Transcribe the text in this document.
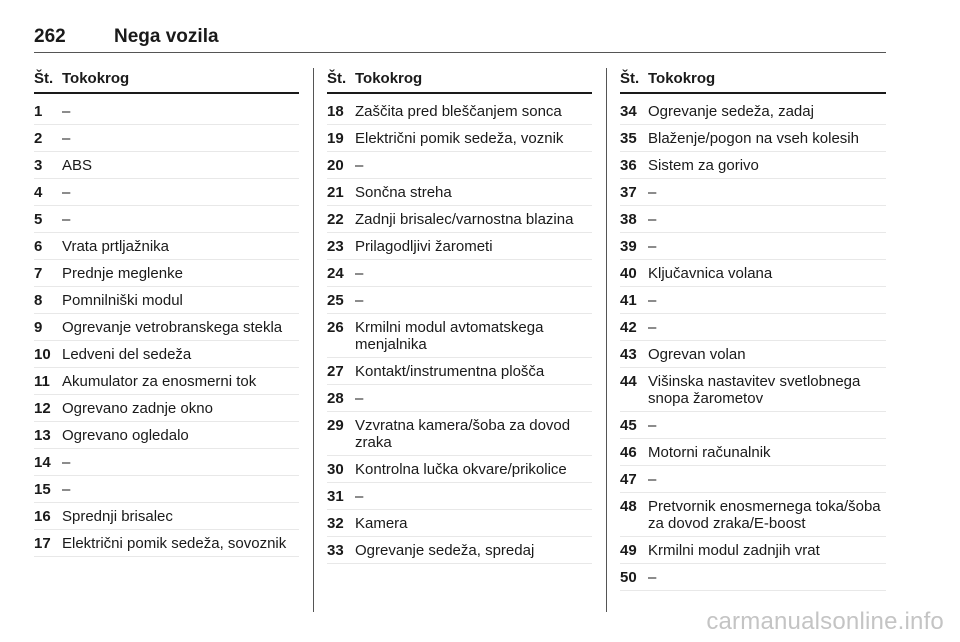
262	Nega vozila
Št. Tokokrog
1	–
2	–
3	ABS
4	–
5	–
6	Vrata prtljažnika
7	Prednje meglenke
8	Pomnilniški modul
9	Ogrevanje vetrobranskega stekla
10 Ledveni del sedeža
11 Akumulator za enosmerni tok
12 Ogrevano zadnje okno
13 Ogrevano ogledalo
14 –
15 –
16 Sprednji brisalec
17 Električni pomik sedeža, sovoznik
Št. Tokokrog
18 Zaščita pred bleščanjem sonca
19 Električni pomik sedeža, voznik
20 –
21 Sončna streha
22 Zadnji brisalec/varnostna blazina
23 Prilagodljivi žarometi
24 –
25 –
26 Krmilni modul avtomatskega menjalnika
27 Kontakt/instrumentna plošča
28 –
29 Vzvratna kamera/šoba za dovod zraka
30 Kontrolna lučka okvare/prikolice
31 –
32 Kamera
33 Ogrevanje sedeža, spredaj
Št. Tokokrog
34 Ogrevanje sedeža, zadaj
35 Blaženje/pogon na vseh kolesih
36 Sistem za gorivo
37 –
38 –
39 –
40 Ključavnica volana
41 –
42 –
43 Ogrevan volan
44 Višinska nastavitev svetlobnega snopa žarometov
45 –
46 Motorni računalnik
47 –
48 Pretvornik enosmernega toka/šoba za dovod zraka/E-boost
49 Krmilni modul zadnjih vrat
50 –
carmanualsonline.info
